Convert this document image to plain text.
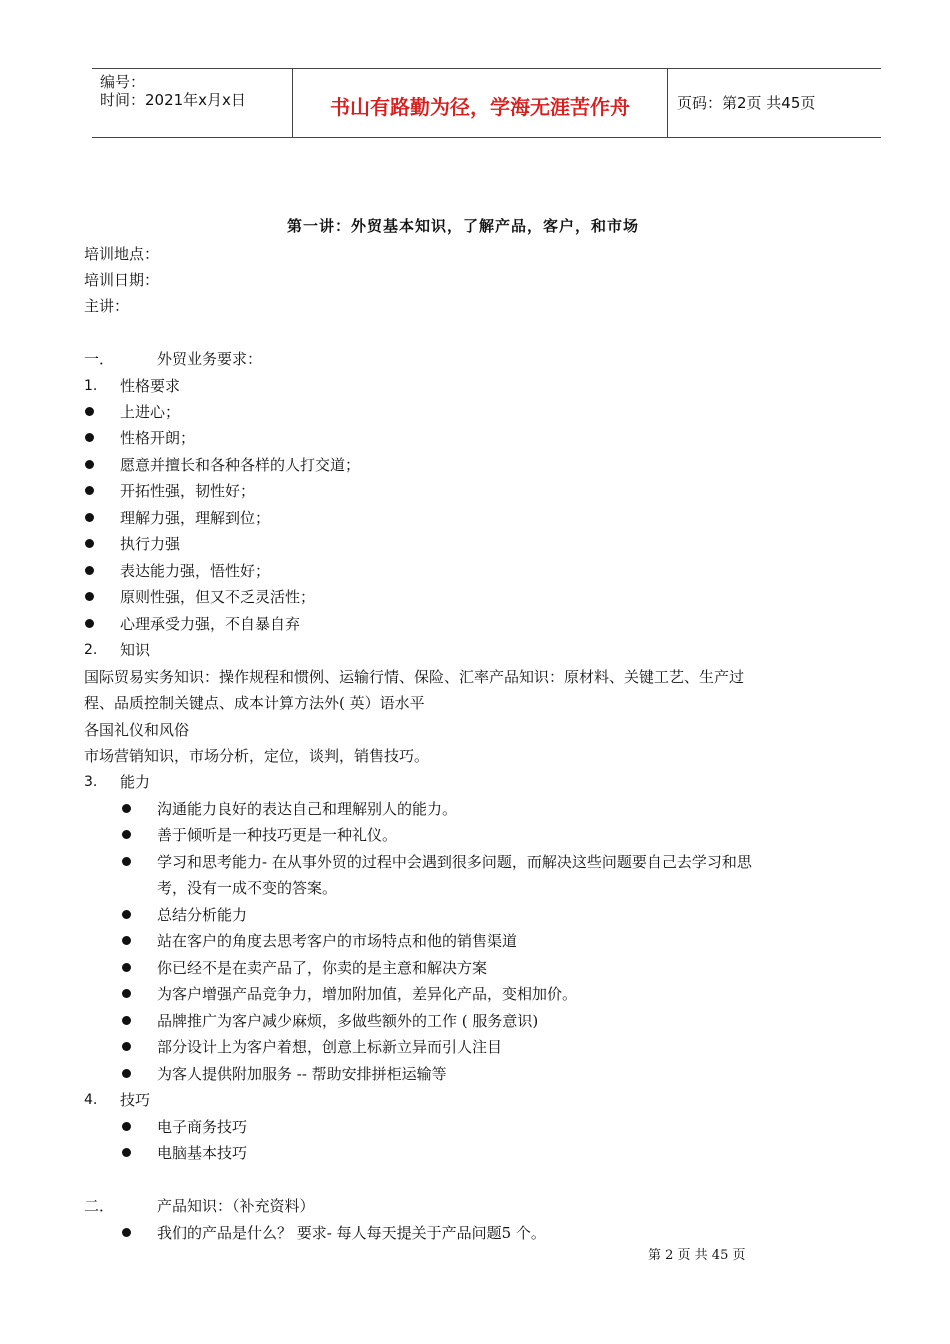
编号：
时间：2021年x月x日	书山有路勤为径，学海无涯苦作舟	页码：第2页 共45页
第一讲：外贸基本知识，了解产品，客户，和市场
培训地点：
培训日期：
主讲：
一．	外贸业务要求：
1. 性格要求
上进心；
性格开朗；
愿意并擅长和各种各样的人打交道；
开拓性强，韧性好；
理解力强，理解到位；
执行力强
表达能力强，悟性好；
原则性强，但又不乏灵活性；
心理承受力强，不自暴自弃
2. 知识
国际贸易实务知识：操作规程和惯例、运输行情、保险、汇率产品知识：原材料、关键工艺、生产过
程、品质控制关键点、成本计算方法外( 英）语水平
各国礼仪和风俗
市场营销知识，市场分析，定位，谈判，销售技巧。
3. 能力
沟通能力良好的表达自己和理解别人的能力。
善于倾听是一种技巧更是一种礼仪。
学习和思考能力- 在从事外贸的过程中会遇到很多问题，而解决这些问题要自己去学习和思
考，没有一成不变的答案。
总结分析能力
站在客户的角度去思考客户的市场特点和他的销售渠道
你已经不是在卖产品了，你卖的是主意和解决方案
为客户增强产品竞争力，增加附加值，差异化产品，变相加价。
品牌推广为客户减少麻烦，多做些额外的工作 ( 服务意识)
部分设计上为客户着想，创意上标新立异而引人注目
为客人提供附加服务 -- 帮助安排拼柜运输等
4. 技巧
电子商务技巧
电脑基本技巧
二．	产品知识：（补充资料）
我们的产品是什么？ 要求- 每人每天提关于产品问题5 个。
第 2 页 共 45 页
